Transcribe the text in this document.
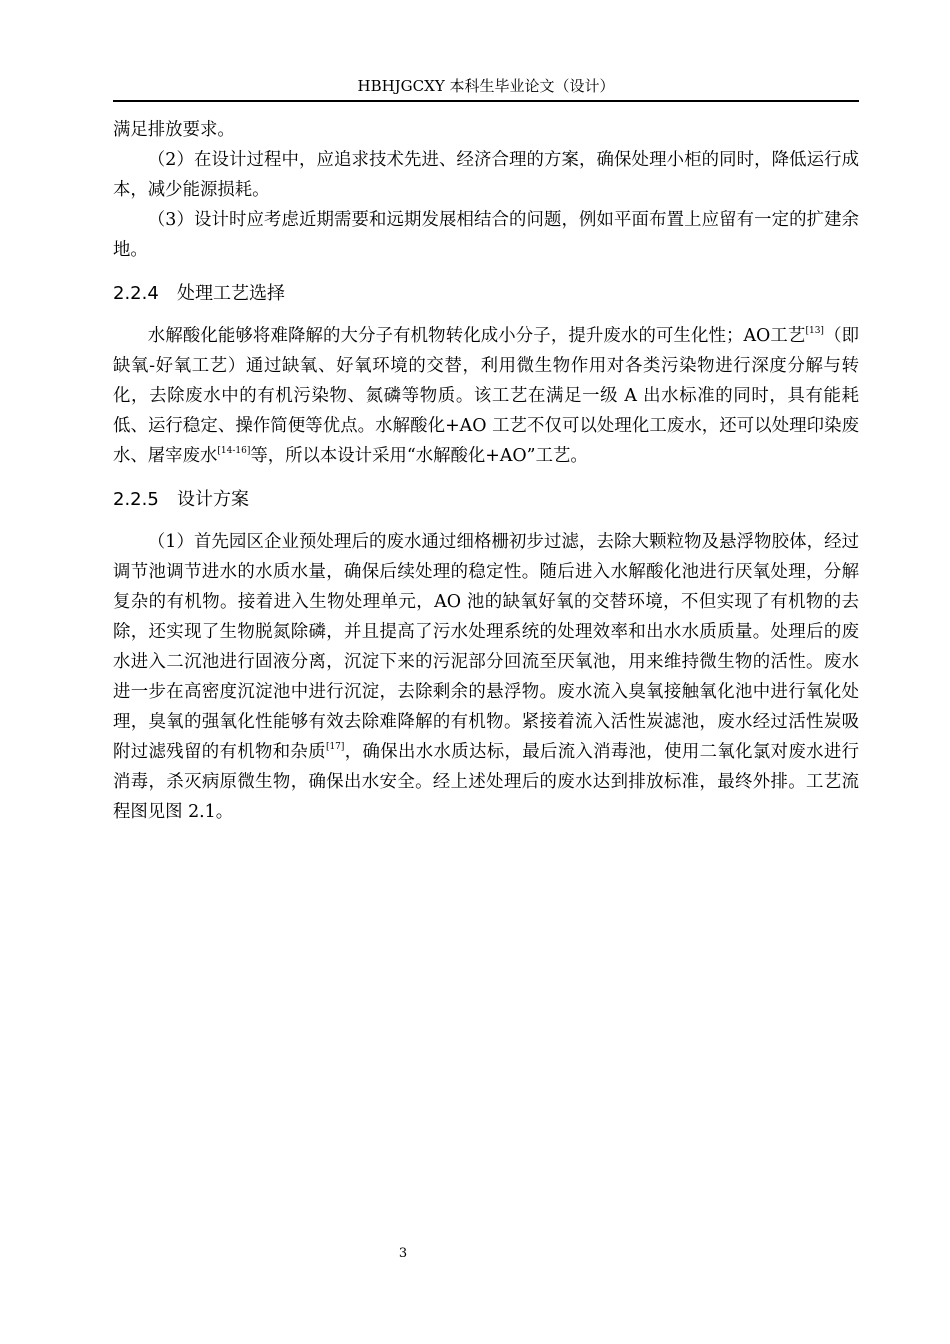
HBHJGCXY 本科生毕业论文（设计）

满足排放要求。

（2）在设计过程中，应追求技术先进、经济合理的方案，确保处理小柜的同时，降低运行成本，减少能源损耗。

（3）设计时应考虑近期需要和远期发展相结合的问题，例如平面布置上应留有一定的扩建余地。

2.2.4 处理工艺选择

水解酸化能够将难降解的大分子有机物转化成小分子，提升废水的可生化性；AO工艺[13]（即缺氧-好氧工艺）通过缺氧、好氧环境的交替，利用微生物作用对各类污染物进行深度分解与转化，去除废水中的有机污染物、氮磷等物质。该工艺在满足一级 A 出水标准的同时，具有能耗低、运行稳定、操作简便等优点。水解酸化+AO 工艺不仅可以处理化工废水，还可以处理印染废水、屠宰废水[14-16]等，所以本设计采用“水解酸化+AO”工艺。

2.2.5 设计方案

（1）首先园区企业预处理后的废水通过细格栅初步过滤，去除大颗粒物及悬浮物胶体，经过调节池调节进水的水质水量，确保后续处理的稳定性。随后进入水解酸化池进行厌氧处理，分解复杂的有机物。接着进入生物处理单元，AO 池的缺氧好氧的交替环境，不但实现了有机物的去除，还实现了生物脱氮除磷，并且提高了污水处理系统的处理效率和出水水质质量。处理后的废水进入二沉池进行固液分离，沉淀下来的污泥部分回流至厌氧池，用来维持微生物的活性。废水进一步在高密度沉淀池中进行沉淀，去除剩余的悬浮物。废水流入臭氧接触氧化池中进行氧化处理，臭氧的强氧化性能够有效去除难降解的有机物。紧接着流入活性炭滤池，废水经过活性炭吸附过滤残留的有机物和杂质[17]，确保出水水质达标，最后流入消毒池，使用二氧化氯对废水进行消毒，杀灭病原微生物，确保出水安全。经上述处理后的废水达到排放标准，最终外排。工艺流程图见图 2.1。

3
